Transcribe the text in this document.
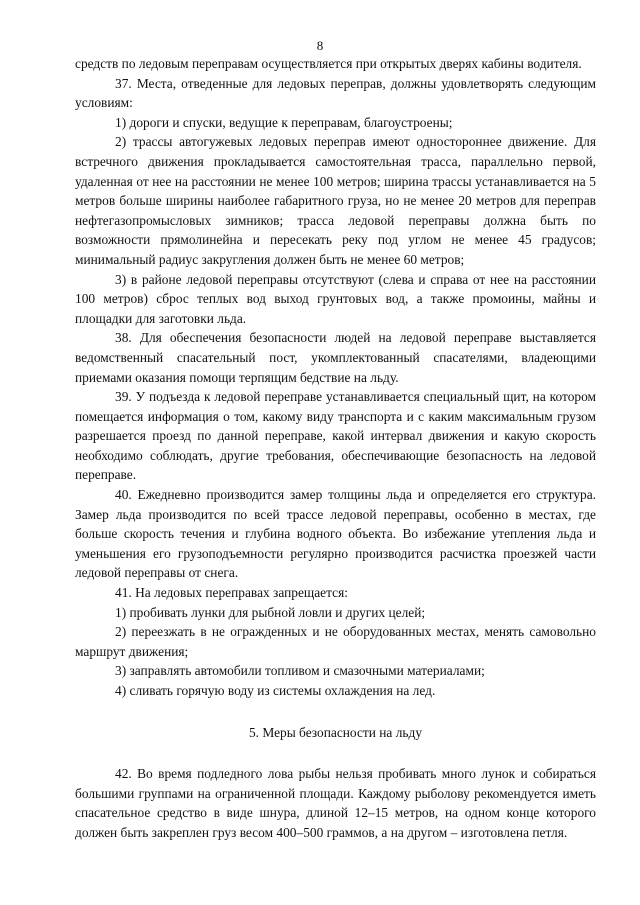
8

средств по ледовым переправам осуществляется при открытых дверях кабины водителя.

37. Места, отведенные для ледовых переправ, должны удовлетворять следующим условиям:

1) дороги и спуски, ведущие к переправам, благоустроены;

2) трассы автогужевых ледовых переправ имеют одностороннее движение. Для встречного движения прокладывается самостоятельная трасса, параллельно первой, удаленная от нее на расстоянии не менее 100 метров; ширина трассы устанавливается на 5 метров больше ширины наиболее габаритного груза, но не менее 20 метров для переправ нефтегазопромысловых зимников; трасса ледовой переправы должна быть по возможности прямолинейна и пересекать реку под углом не менее 45 градусов; минимальный радиус закругления должен быть не менее 60 метров;

3) в районе ледовой переправы отсутствуют (слева и справа от нее на расстоянии 100 метров) сброс теплых вод выход грунтовых вод, а также промоины, майны и площадки для заготовки льда.

38. Для обеспечения безопасности людей на ледовой переправе выставляется ведомственный спасательный пост, укомплектованный спасателями, владеющими приемами оказания помощи терпящим бедствие на льду.

39. У подъезда к ледовой переправе устанавливается специальный щит, на котором помещается информация о том, какому виду транспорта и с каким максимальным грузом разрешается проезд по данной переправе, какой интервал движения и какую скорость необходимо соблюдать, другие требования, обеспечивающие безопасность на ледовой переправе.

40. Ежедневно производится замер толщины льда и определяется его структура. Замер льда производится по всей трассе ледовой переправы, особенно в местах, где больше скорость течения и глубина водного объекта. Во избежание утепления льда и уменьшения его грузоподъемности регулярно производится расчистка проезжей части ледовой переправы от снега.

41. На ледовых переправах запрещается:

1) пробивать лунки для рыбной ловли и других целей;

2) переезжать в не огражденных и не оборудованных местах, менять самовольно маршрут движения;

3) заправлять автомобили топливом и смазочными материалами;

4) сливать горячую воду из системы охлаждения на лед.

5. Меры безопасности на льду

42. Во время подледного лова рыбы нельзя пробивать много лунок и собираться большими группами на ограниченной площади. Каждому рыболову рекомендуется иметь спасательное средство в виде шнура, длиной 12–15 метров, на одном конце которого должен быть закреплен груз весом 400–500 граммов, а на другом – изготовлена петля.
